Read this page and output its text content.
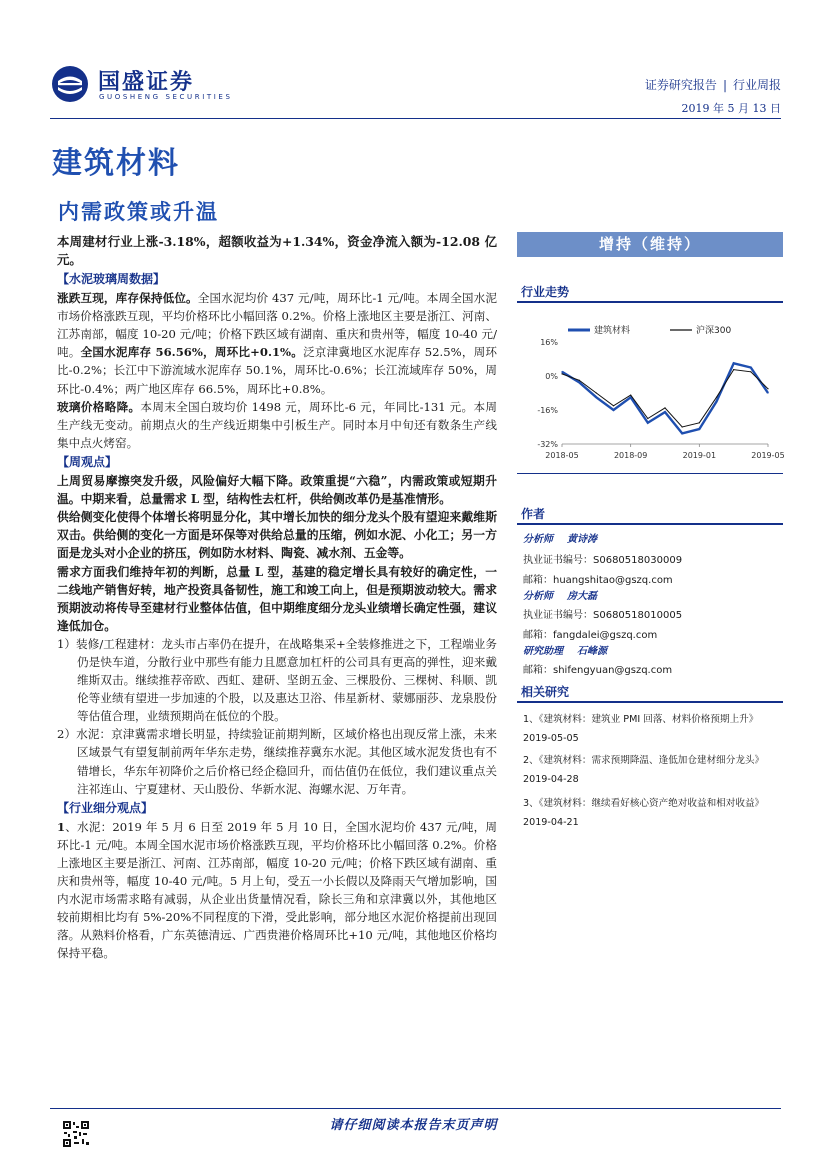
国盛证券
GUOSHENG SECURITIES
证券研究报告 | 行业周报
2019 年 5 月 13 日
建筑材料
内需政策或升温

本周建材行业上涨-3.18%，超额收益为+1.34%，资金净流入额为-12.08 亿元。

【水泥玻璃周数据】

涨跌互现，库存保持低位。全国水泥均价 437 元/吨，周环比-1 元/吨。本周全国水泥市场价格涨跌互现，平均价格环比小幅回落 0.2%。价格上涨地区主要是浙江、河南、江苏南部，幅度 10-20 元/吨；价格下跌区域有湖南、重庆和贵州等，幅度 10-40 元/吨。全国水泥库存 56.56%，周环比+0.1%。泛京津冀地区水泥库存 52.5%，周环比-0.2%；长江中下游流域水泥库存 50.1%，周环比-0.6%；长江流域库存 50%，周环比-0.4%；两广地区库存 66.5%，周环比+0.8%。

玻璃价格略降。本周末全国白玻均价 1498 元，周环比-6 元，年同比-131 元。本周生产线无变动。前期点火的生产线近期集中引板生产。同时本月中旬还有数条生产线集中点火烤窑。

【周观点】

上周贸易摩擦突发升级，风险偏好大幅下降。政策重提“六稳”，内需政策或短期升温。中期来看，总量需求 L 型，结构性去杠杆，供给侧改革仍是基准情形。

供给侧变化使得个体增长将明显分化，其中增长加快的细分龙头个股有望迎来戴维斯双击。供给侧的变化一方面是环保等对供给总量的压缩，例如水泥、小化工；另一方面是龙头对小企业的挤压，例如防水材料、陶瓷、减水剂、五金等。

需求方面我们维持年初的判断，总量 L 型，基建的稳定增长具有较好的确定性，一二线地产销售好转，地产投资具备韧性，施工和竣工向上，但是预期波动较大。需求预期波动将传导至建材行业整体估值，但中期维度细分龙头业绩增长确定性强，建议逢低加仓。

1）装修/工程建材：龙头市占率仍在提升，在战略集采+全装修推进之下，工程端业务仍是快车道，分散行业中那些有能力且愿意加杠杆的公司具有更高的弹性，迎来戴维斯双击。继续推荐帝欧、西虹、建研、坚朗五金、三棵股份、三棵树、科顺、凯伦等业绩有望进一步加速的个股，以及惠达卫浴、伟星新材、蒙娜丽莎、龙泉股份等估值合理，业绩预期尚在低位的个股。

2）水泥：京津冀需求增长明显，持续验证前期判断，区域价格也出现反常上涨，未来区域景气有望复制前两年华东走势，继续推荐冀东水泥。其他区域水泥发货也有不错增长，华东年初降价之后价格已经企稳回升，而估值仍在低位，我们建议重点关注祁连山、宁夏建材、天山股份、华新水泥、海螺水泥、万年青。

【行业细分观点】

1、水泥：2019 年 5 月 6 日至 2019 年 5 月 10 日，全国水泥均价 437 元/吨，周环比-1 元/吨。本周全国水泥市场价格涨跌互现，平均价格环比小幅回落 0.2%。价格上涨地区主要是浙江、河南、江苏南部，幅度 10-20 元/吨；价格下跌区域有湖南、重庆和贵州等，幅度 10-40 元/吨。5 月上旬，受五一小长假以及降雨天气增加影响，国内水泥市场需求略有减弱，从企业出货量情况看，除长三角和京津冀以外，其他地区较前期相比均有 5%-20%不同程度的下滑，受此影响，部分地区水泥价格提前出现回落。从熟料价格看，广东英德清远、广西贵港价格周环比+10 元/吨，其他地区价格均保持平稳。

增持（维持）
行业走势
16%
0%
-16%
-32%
2018-05	2018-09	2019-01	2019-05
建筑材料	沪深300
作者
分析师 黄诗涛
执业证书编号：S0680518030009
邮箱：huangshitao@gszq.com
分析师 房大磊
执业证书编号：S0680518010005
邮箱：fangdalei@gszq.com
研究助理 石峰源
邮箱：shifengyuan@gszq.com
相关研究
1、《建筑材料：建筑业 PMI 回落、材料价格预期上升》
2019-05-05
2、《建筑材料：需求预期降温、逢低加仓建材细分龙头》
2019-04-28
3、《建筑材料：继续看好核心资产绝对收益和相对收益》
2019-04-21
请仔细阅读本报告末页声明
